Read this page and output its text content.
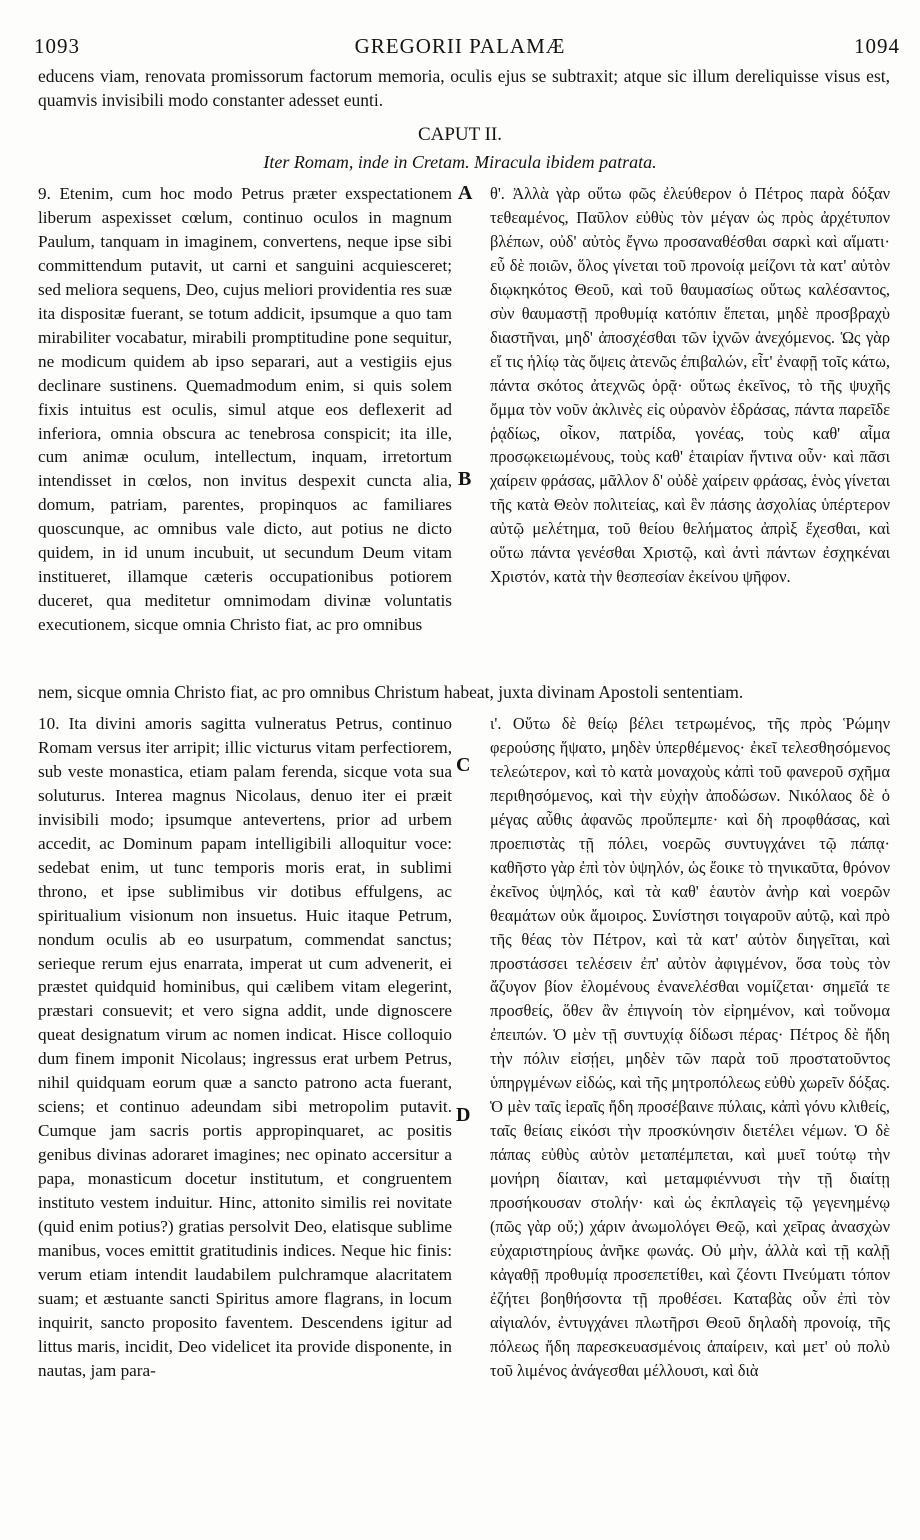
1093	GREGORII PALAMÆ	1094
educens viam, renovata promissorum factorum memoria, oculis ejus se subtraxit; atque sic illum dereliquisse visus est, quamvis invisibili modo constanter adesset eunti.
CAPUT II.
Iter Romam, inde in Cretam. Miracula ibidem patrata.
A
B
C
D

9. Etenim, cum hoc modo Petrus præter exspectationem liberum aspexisset cœlum, continuo oculos in magnum Paulum, tanquam in imaginem, convertens, neque ipse sibi committendum putavit, ut carni et sanguini acquiesceret; sed meliora sequens, Deo, cujus meliori providentia res suæ ita dispositæ fuerant, se totum addicit, ipsumque a quo tam mirabiliter vocabatur, mirabili promptitudine pone sequitur, ne modicum quidem ab ipso separari, aut a vestigiis ejus declinare sustinens. Quemadmodum enim, si quis solem fixis intuitus est oculis, simul atque eos deflexerit ad inferiora, omnia obscura ac tenebrosa conspicit; ita ille, cum animæ oculum, intellectum, inquam, irretortum intendisset in cœlos, non invitus despexit cuncta alia, domum, patriam, parentes, propinquos ac familiares quoscunque, ac omnibus vale dicto, aut potius ne dicto quidem, in id unum incubuit, ut secundum Deum vitam institueret, illamque cæteris occupationibus potiorem duceret, qua meditetur omnimodam divinæ voluntatis executionem, sicque omnia Christo fiat, ac pro omnibus

θ'. Ἀλλὰ γὰρ οὕτω φῶς ἐλεύθερον ὁ Πέτρος παρὰ δόξαν τεθεαμένος, Παῦλον εὐθὺς τὸν μέγαν ὡς πρὸς ἀρχέτυπον βλέπων, οὐδ' αὐτὸς ἔγνω προσαναθέσθαι σαρκὶ καὶ αἵματι· εὖ δὲ ποιῶν, ὅλος γίνεται τοῦ προνοίᾳ μείζονι τὰ κατ' αὐτὸν διῳκηκότος Θεοῦ, καὶ τοῦ θαυμασίως οὕτως καλέσαντος, σὺν θαυμαστῇ προθυμίᾳ κατόπιν ἕπεται, μηδὲ προσβραχὺ διαστῆναι, μηδ' ἀποσχέσθαι τῶν ἰχνῶν ἀνεχόμενος. Ὡς γὰρ εἴ τις ἡλίῳ τὰς ὄψεις ἀτενῶς ἐπιβαλών, εἶτ' ἐναφῇ τοῖς κάτω, πάντα σκότος ἀτεχνῶς ὁρᾷ· οὕτως ἐκεῖνος, τὸ τῆς ψυχῆς ὄμμα τὸν νοῦν ἀκλινὲς εἰς οὐρανὸν ἑδράσας, πάντα παρεῖδε ῥᾳδίως, οἶκον, πατρίδα, γονέας, τοὺς καθ' αἷμα προσῳκειωμένους, τοὺς καθ' ἑταιρίαν ἥντινα οὖν· καὶ πᾶσι χαίρειν φράσας, μᾶλλον δ' οὐδὲ χαίρειν φράσας, ἑνὸς γίνεται τῆς κατὰ Θεὸν πολιτείας, καὶ ἓν πάσης ἀσχολίας ὑπέρτερον αὐτῷ μελέτημα, τοῦ θείου θελήματος ἀπρὶξ ἔχεσθαι, καὶ οὕτω πάντα γενέσθαι Χριστῷ, καὶ ἀντὶ πάντων ἐσχηκέναι Χριστόν, κατὰ τὴν θεσπεσίαν ἐκείνου ψῆφον.

nem, sicque omnia Christo fiat, ac pro omnibus Christum habeat, juxta divinam Apostoli sententiam.

10. Ita divini amoris sagitta vulneratus Petrus, continuo Romam versus iter arripit; illic victurus vitam perfectiorem, sub veste monastica, etiam palam ferenda, sicque vota sua soluturus. Interea magnus Nicolaus, denuo iter ei præit invisibili modo; ipsumque antevertens, prior ad urbem accedit, ac Dominum papam intelligibili alloquitur voce: sedebat enim, ut tunc temporis moris erat, in sublimi throno, et ipse sublimibus vir dotibus effulgens, ac spiritualium visionum non insuetus. Huic itaque Petrum, nondum oculis ab eo usurpatum, commendat sanctus; serieque rerum ejus enarrata, imperat ut cum advenerit, ei præstet quidquid hominibus, qui cælibem vitam elegerint, præstari consuevit; et vero signa addit, unde dignoscere queat designatum virum ac nomen indicat. Hisce colloquio dum finem imponit Nicolaus; ingressus erat urbem Petrus, nihil quidquam eorum quæ a sancto patrono acta fuerant, sciens; et continuo adeundam sibi metropolim putavit. Cumque jam sacris portis appropinquaret, ac positis genibus divinas adoraret imagines; nec opinato accersitur a papa, monasticum docetur institutum, et congruentem instituto vestem induitur. Hinc, attonito similis rei novitate (quid enim potius?) gratias persolvit Deo, elatisque sublime manibus, voces emittit gratitudinis indices. Neque hic finis: verum etiam intendit laudabilem pulchramque alacritatem suam; et æstuante sancti Spiritus amore flagrans, in locum inquirit, sancto proposito faventem. Descendens igitur ad littus maris, incidit, Deo videlicet ita provide disponente, in nautas, jam para-

ι'. Οὕτω δὲ θείῳ βέλει τετρωμένος, τῆς πρὸς Ῥώμην φερούσης ἥψατο, μηδὲν ὑπερθέμενος· ἐκεῖ τελεσθησόμενος τελεώτερον, καὶ τὸ κατὰ μοναχοὺς κἀπὶ τοῦ φανεροῦ σχῆμα περιθησόμενος, καὶ τὴν εὐχὴν ἀποδώσων. Νικόλαος δὲ ὁ μέγας αὖθις ἀφανῶς προὔπεμπε· καὶ δὴ προφθάσας, καὶ προεπιστὰς τῇ πόλει, νοερῶς συντυγχάνει τῷ πάπᾳ· καθῆστο γὰρ ἐπὶ τὸν ὑψηλόν, ὡς ἔοικε τὸ τηνικαῦτα, θρόνον ἐκεῖνος ὑψηλός, καὶ τὰ καθ' ἑαυτὸν ἀνὴρ καὶ νοερῶν θεαμάτων οὐκ ἄμοιρος. Συνίστησι τοιγαροῦν αὐτῷ, καὶ πρὸ τῆς θέας τὸν Πέτρον, καὶ τὰ κατ' αὐτὸν διηγεῖται, καὶ προστάσσει τελέσειν ἐπ' αὐτὸν ἀφιγμένον, ὅσα τοὺς τὸν ἄζυγον βίον ἑλομένους ἐνανελέσθαι νομίζεται· σημεῖά τε προσθείς, ὅθεν ἂν ἐπιγνοίη τὸν εἰρημένον, καὶ τοὔνομα ἐπειπών. Ὁ μὲν τῇ συντυχίᾳ δίδωσι πέρας· Πέτρος δὲ ἤδη τὴν πόλιν εἰσῄει, μηδὲν τῶν παρὰ τοῦ προστατοῦντος ὑπηργμένων εἰδώς, καὶ τῆς μητροπόλεως εὐθὺ χωρεῖν δόξας. Ὁ μὲν ταῖς ἱεραῖς ἤδη προσέβαινε πύλαις, κἀπὶ γόνυ κλιθείς, ταῖς θείαις εἰκόσι τὴν προσκύνησιν διετέλει νέμων. Ὁ δὲ πάπας εὐθὺς αὐτὸν μεταπέμπεται, καὶ μυεῖ τούτῳ τὴν μονήρη δίαιταν, καὶ μεταμφιέννυσι τὴν τῇ διαίτῃ προσήκουσαν στολήν· καὶ ὡς ἐκπλαγεὶς τῷ γεγενημένῳ (πῶς γὰρ οὔ;) χάριν ἀνωμολόγει Θεῷ, καὶ χεῖρας ἀνασχὼν εὐχαριστηρίους ἀνῆκε φωνάς. Οὐ μὴν, ἀλλὰ καὶ τῇ καλῇ κἀγαθῇ προθυμίᾳ προσεπετίθει, καὶ ζέοντι Πνεύματι τόπον ἐζήτει βοηθήσοντα τῇ προθέσει. Καταβὰς οὖν ἐπὶ τὸν αἰγιαλόν, ἐντυγχάνει πλωτῆρσι Θεοῦ δηλαδὴ προνοίᾳ, τῆς πόλεως ἤδη παρεσκευασμένοις ἀπαίρειν, καὶ μετ' οὐ πολὺ τοῦ λιμένος ἀνάγεσθαι μέλλουσι, καὶ διὰ
